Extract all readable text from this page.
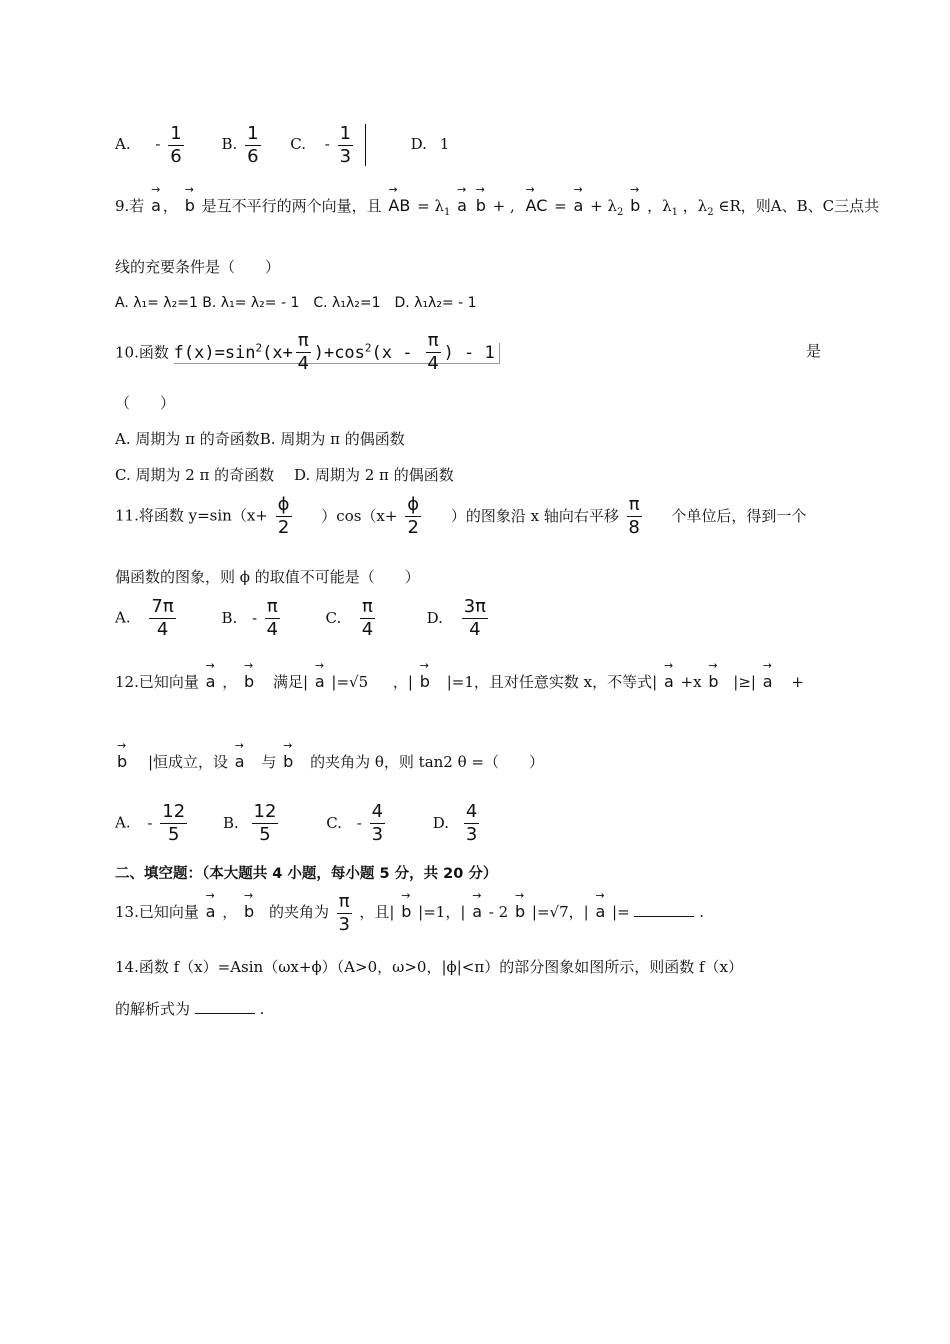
A. - $\frac{1}{6}$	B. $\frac{1}{6} C$. - $\frac{1}{3}$	D. 1
9.若 → a ， → b 是互不平行的两个向量，且 → AB = $\lambda_1 \to a \to b$ + , → AC = → $a + \lambda_2 \to b$ ，$\lambda_1$ ，$\lambda_2$ ∈R，则A、B、C三点共
线的充要条件是（　　）
A. λ₁= λ₂=1 B. λ₁= λ₂= - 1　C. λ₁λ₂=1　D. λ₁λ₂= - 1
10.函数 $f(x)=\sin^2(x+ \frac{\pi}{4} )+\cos^2(x - \frac{\pi}{4}$ ) - 1	是
（　　）
A. 周期为 π 的奇函数B. 周期为 π 的偶函数
C. 周期为 2 π 的奇函数　 D. 周期为 2 π 的偶函数
11.将函数 $y=\sin(x+ \frac{\phi}{2} )\cos(x+ \frac{\phi}{2}$ ）的图象沿 x 轴向右平移 $\frac{\pi}{8}$ 个单位后，得到一个
偶函数的图象，则 ϕ 的取值不可能是（　　）
A. $\frac{7\pi}{4}$	B. - $\frac{\pi}{4}$	C. $\frac{\pi}{4}$	D. $\frac{3\pi}{4}$
12.已知向量 → a ， → b 满足| → a |=√5 ，| → b |=1，且对任意实数 x，不等式| → a +x → b |≥| → a +
→ b |恒成立，设 → a 与 → b 的夹角为 θ，则 tan2 θ =（　　）
A. - $\frac{12}{5} B$. $\frac{12}{5}$	C. - $\frac{4}{3}$	D. $\frac{4}{3}$
二、填空题：（本大题共 4 小题，每小题 5 分，共 20 分）
13.已知向量 → a ， → b 的夹角为 $\frac{\pi}{3}$ ，且| → b |=1，| → a - 2 → b |=√7，| → a |=	.
14.函数 f（x）=Asin（ωx+ϕ）（A>0，ω>0，|ϕ|<π）的部分图象如图所示，则函数 f（x）
的解析式为	.
